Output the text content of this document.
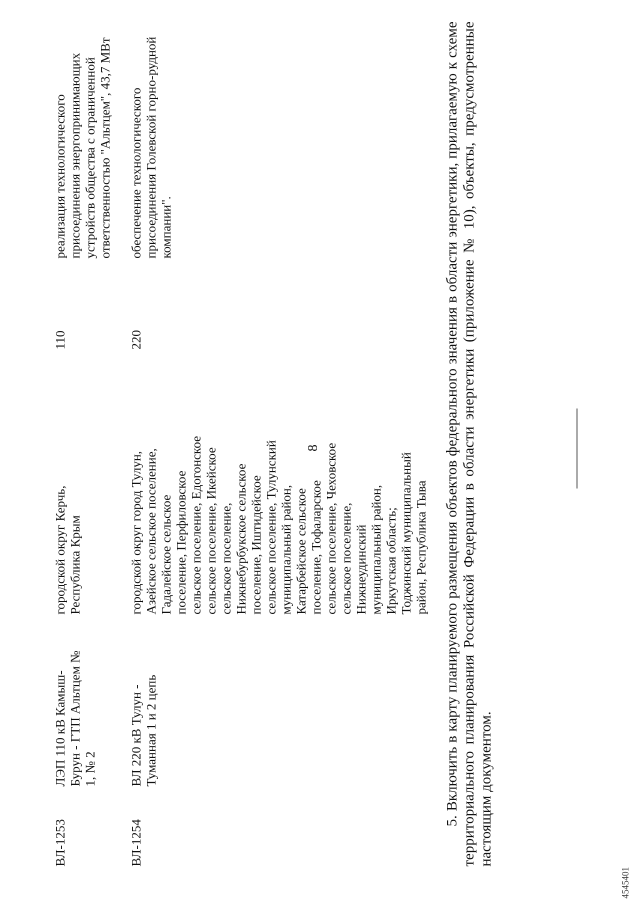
8
ВЛ-1253
ЛЭП 110 кВ Камыш-Бурун - ГТП Альтцем № 1, № 2
городской округ Керчь, Республика Крым
110
реализация технологического присоединения энергопринимающих устройств общества с ограниченной ответственностью "Альтцем", 43,7 МВт
ВЛ-1254
ВЛ 220 кВ Тулун - Туманная 1 и 2 цепь
городской округ город Тулун, Азейское сельское поселение, Гадалейское сельское поселение, Перфиловское сельское поселение, Едогонское сельское поселение, Икейское сельское поселение, Нижнебурбукское сельское поселение, Иштидейское сельское поселение, Тулунский муниципальный район, Катарбейское сельское поселение, Тофаларское сельское поселение, Чеховское сельское поселение, Нижнеудинский муниципальный район, Иркутская область; Тоджинский муниципальный район, Республика Тыва
220
обеспечение технологического присоединения Голевской горно-рудной компании".	5. Включить в карту планируемого размещения объектов федерального значения в области энергетики, прилагаемую к схеме территориального планирования Российской Федерации в области энергетики (приложение № 10), объекты, предусмотренные настоящим документом.
4545401
